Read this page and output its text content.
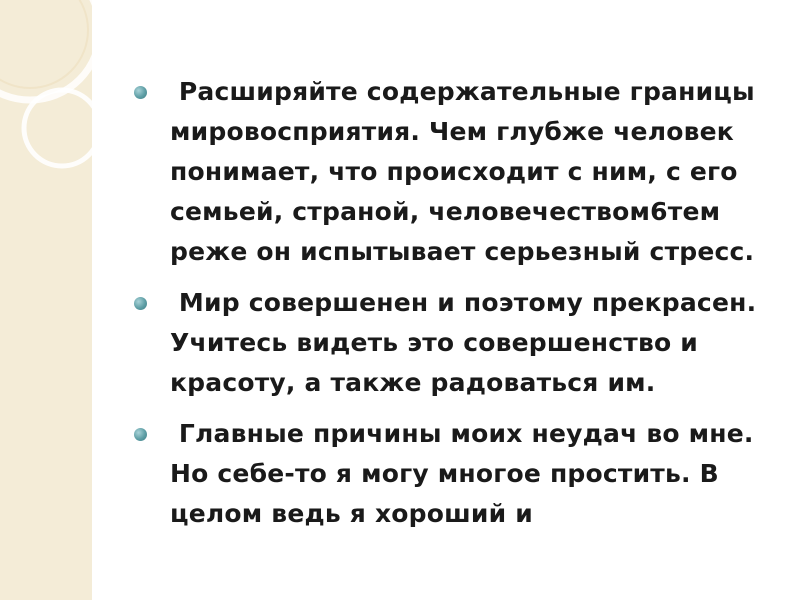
Расширяйте содержательные границы мировосприятия. Чем глубже человек понимает, что происходит с ним, с его семьей, страной, человечеством6тем реже он испытывает серьезный стресс.
Мир совершенен и поэтому прекрасен. Учитесь видеть это совершенство и красоту, а также радоваться им.
Главные причины моих неудач во мне. Но себе-то я могу многое простить. В целом ведь я хороший и
